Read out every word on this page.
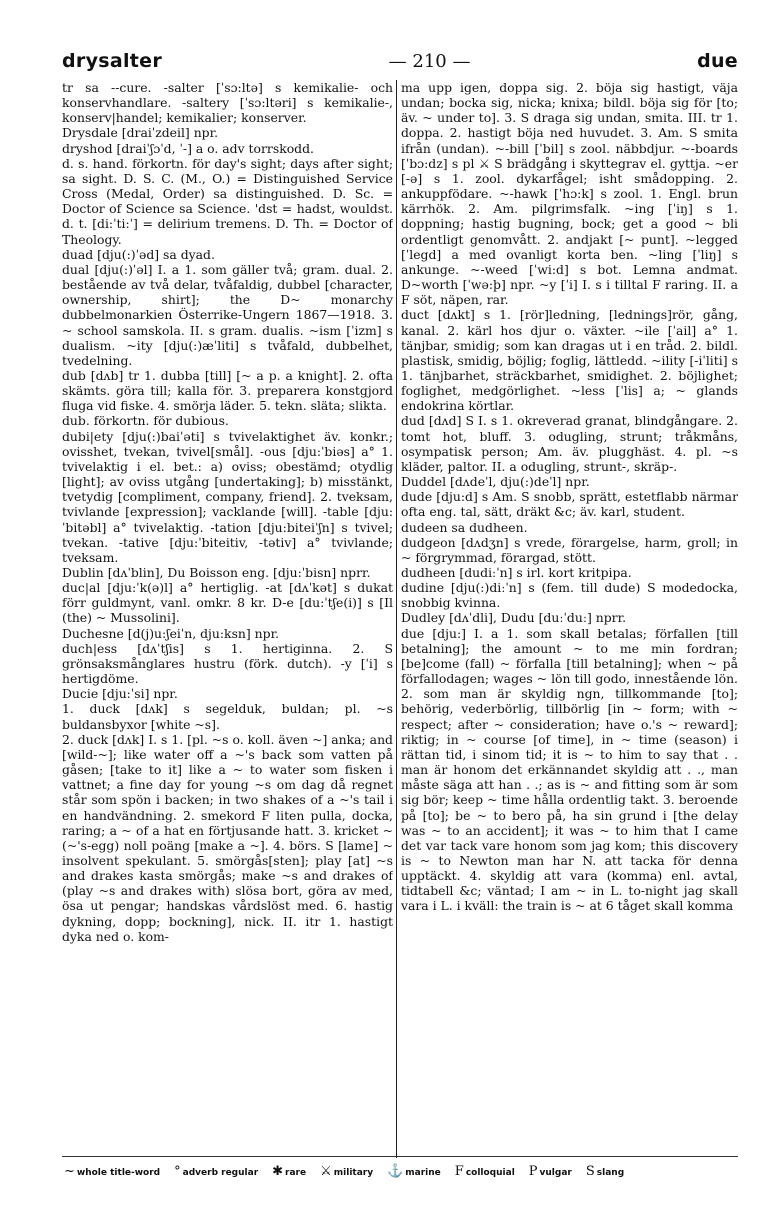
drysalter	— 210 —	due

tr sa --cure. -salter [ˈsɔ:ltə] s kemikalie- och konservhandlare. -saltery [ˈsɔ:ltəri] s kemikalie-, konserv|handel; kemikalier; konserver.

Drysdale [draiˈzdeil] npr.

dryshod [draiˈʃɔˈd, ˈ-] a o. adv torrskodd.

d. s. hand. förkortn. för day's sight; days after sight; sa sight. D. S. C. (M., O.) = Distinguished Service Cross (Medal, Order) sa distinguished. D. Sc. = Doctor of Science sa Science. 'dst = hadst, wouldst. d. t. [di:ˈti:ˈ] = delirium tremens. D. Th. = Doctor of Theology.

duad [dju(:)ˈəd] sa dyad.

dual [dju(:)ˈəl] I. a 1. som gäller två; gram. dual. 2. bestående av två delar, tvåfaldig, dubbel [character, ownership, shirt]; the D~ monarchy dubbelmonarkien Österrike-Ungern 1867—1918. 3. ~ school samskola. II. s gram. dualis. ~ism [ˈizm] s dualism. ~ity [dju(:)æˈliti] s tvåfald, dubbelhet, tvedelning.

dub [dʌb] tr 1. dubba [till] [~ a p. a knight]. 2. ofta skämts. göra till; kalla för. 3. preparera konstgjord fluga vid fiske. 4. smörja läder. 5. tekn. släta; slikta.

dub. förkortn. för dubious.

dubi|ety [dju(:)baiˈəti] s tvivelaktighet äv. konkr.; ovisshet, tvekan, tvivel[smål]. -ous [dju:ˈbiəs] a° 1. tvivelaktig i el. bet.: a) oviss; obestämd; otydlig [light]; av oviss utgång [undertaking]; b) misstänkt, tvetydig [compliment, company, friend]. 2. tveksam, tvivlande [expression]; vacklande [will]. -table [dju:ˈbitəbl] a° tvivelaktig. -tation [dju:biteiˈʃn] s tvivel; tvekan. -tative [dju:ˈbiteitiv, -tətiv] a° tvivlande; tveksam.

Dublin [dʌˈblin], Du Boisson eng. [dju:ˈbisn] nprr.

duc|al [dju:ˈk(ə)l] a° hertiglig. -at [dʌˈkət] s dukat förr guldmynt, vanl. omkr. 8 kr. D-e [du:ˈtʃe(i)] s [Il (the) ~ Mussolini].

Duchesne [d(j)u:ʃeiˈn, dju:ksn] npr.

duch|ess [dʌˈtʃis] s 1. hertiginna. 2. S grönsaksmånglares hustru (förk. dutch). -y [ˈi] s hertigdöme.

Ducie [dju:ˈsi] npr.

1. duck [dʌk] s segelduk, buldan; pl. ~s buldansbyxor [white ~s].

2. duck [dʌk] I. s 1. [pl. ~s o. koll. även ~] anka; and [wild-~]; like water off a ~'s back som vatten på gåsen; [take to it] like a ~ to water som fisken i vattnet; a fine day for young ~s om dag då regnet står som spön i backen; in two shakes of a ~'s tail i en handvändning. 2. smekord F liten pulla, docka, raring; a ~ of a hat en förtjusande hatt. 3. kricket ~ (~'s-egg) noll poäng [make a ~]. 4. börs. S [lame] ~ insolvent spekulant. 5. smörgås[sten]; play [at] ~s and drakes kasta smörgås; make ~s and drakes of (play ~s and drakes with) slösa bort, göra av med, ösa ut pengar; handskas vårdslöst med. 6. hastig dykning, dopp; bockning], nick. II. itr 1. hastigt dyka ned o. kom-

ma upp igen, doppa sig. 2. böja sig hastigt, väja undan; bocka sig, nicka; knixa; bildl. böja sig för [to; äv. ~ under to]. 3. S draga sig undan, smita. III. tr 1. doppa. 2. hastigt böja ned huvudet. 3. Am. S smita ifrån (undan). ~-bill [ˈbil] s zool. näbbdjur. ~-boards [ˈbɔ:dz] s pl ⚔ S brädgång i skyttegrav el. gyttja. ~er [-ə] s 1. zool. dykarfågel; isht smådopping. 2. ankuppfödare. ~-hawk [ˈhɔ:k] s zool. 1. Engl. brun kärrhök. 2. Am. pilgrimsfalk. ~ing [ˈiŋ] s 1. doppning; hastig bugning, bock; get a good ~ bli ordentligt genomvått. 2. andjakt [~ punt]. ~legged [ˈlegd] a med ovanligt korta ben. ~ling [ˈliŋ] s ankunge. ~-weed [ˈwi:d] s bot. Lemna andmat. D~worth [ˈwə:þ] npr. ~y [ˈi] I. s i tilltal F raring. II. a F söt, näpen, rar.

duct [dʌkt] s 1. [rör]ledning, [lednings]rör, gång, kanal. 2. kärl hos djur o. växter. ~ile [ˈail] a° 1. tänjbar, smidig; som kan dragas ut i en tråd. 2. bildl. plastisk, smidig, böjlig; foglig, lättledd. ~ility [-iˈliti] s 1. tänjbarhet, sträckbarhet, smidighet. 2. böjlighet; foglighet, medgörlighet. ~less [ˈlis] a; ~ glands endokrina körtlar.

dud [dʌd] S I. s 1. okreverad granat, blindgångare. 2. tomt hot, bluff. 3. odugling, strunt; tråkmåns, osympatisk person; Am. äv. plugghäst. 4. pl. ~s kläder, paltor. II. a odugling, strunt-, skräp-.

Duddel [dʌdeˈl, dju(:)deˈl] npr.

dude [dju:d] s Am. S snobb, sprätt, estetflabb närmar ofta eng. tal, sätt, dräkt &c; äv. karl, student.

dudeen sa dudheen.

dudgeon [dʌdʒn] s vrede, förargelse, harm, groll; in ~ förgrymmad, förargad, stött.

dudheen [dudiːˈn] s irl. kort kritpipa.

dudine [dju(:)diːˈn] s (fem. till dude) S modedocka, snobbig kvinna.

Dudley [dʌˈdli], Dudu [duːˈduː] nprr.

due [dju:] I. a 1. som skall betalas; förfallen [till betalning]; the amount ~ to me min fordran; [be]come (fall) ~ förfalla [till betalning]; when ~ på förfallodagen; wages ~ lön till godo, innestående lön. 2. som man är skyldig ngn, tillkommande [to]; behörig, vederbörlig, tillbörlig [in ~ form; with ~ respect; after ~ consideration; have o.'s ~ reward]; riktig; in ~ course [of time], in ~ time (season) i rättan tid, i sinom tid; it is ~ to him to say that . . man är honom det erkännandet skyldig att . ., man måste säga att han . .; as is ~ and fitting som är som sig bör; keep ~ time hålla ordentlig takt. 3. beroende på [to]; be ~ to bero på, ha sin grund i [the delay was ~ to an accident]; it was ~ to him that I came det var tack vare honom som jag kom; this discovery is ~ to Newton man har N. att tacka för denna upptäckt. 4. skyldig att vara (komma) enl. avtal, tidtabell &c; väntad; I am ~ in L. to-night jag skall vara i L. i kväll: the train is ~ at 6 tåget skall komma

~ whole title-word ° adverb regular ✱ rare ⚔ military ⚓ marine F colloquial P vulgar S slang
